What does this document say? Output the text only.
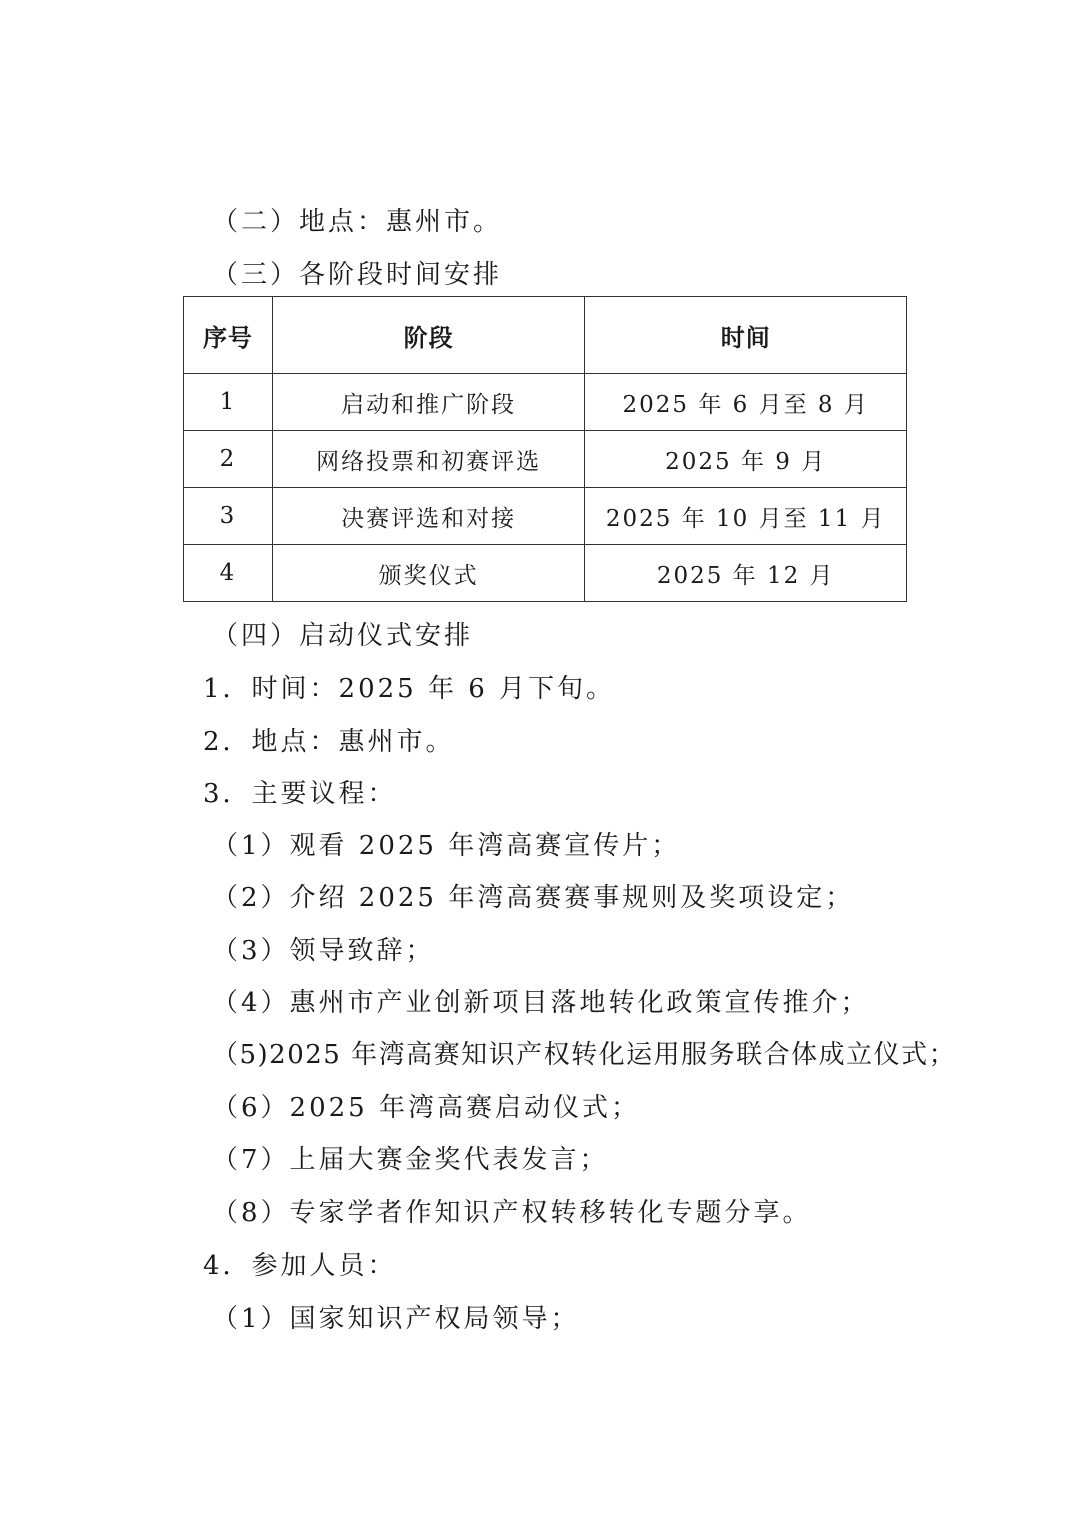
（二）地点：惠州市。
（三）各阶段时间安排
序号	阶段	时间
1	启动和推广阶段	2025 年 6 月至 8 月
2	网络投票和初赛评选	2025 年 9 月
3	决赛评选和对接	2025 年 10 月至 11 月
4	颁奖仪式	2025 年 12 月
（四）启动仪式安排
1．时间：2025 年 6 月下旬。
2．地点：惠州市。
3．主要议程：
（1）观看 2025 年湾高赛宣传片；
（2）介绍 2025 年湾高赛赛事规则及奖项设定；
（3）领导致辞；
（4）惠州市产业创新项目落地转化政策宣传推介；
（5)2025 年湾高赛知识产权转化运用服务联合体成立仪式；
（6）2025 年湾高赛启动仪式；
（7）上届大赛金奖代表发言；
（8）专家学者作知识产权转移转化专题分享。
4．参加人员：
（1）国家知识产权局领导；
